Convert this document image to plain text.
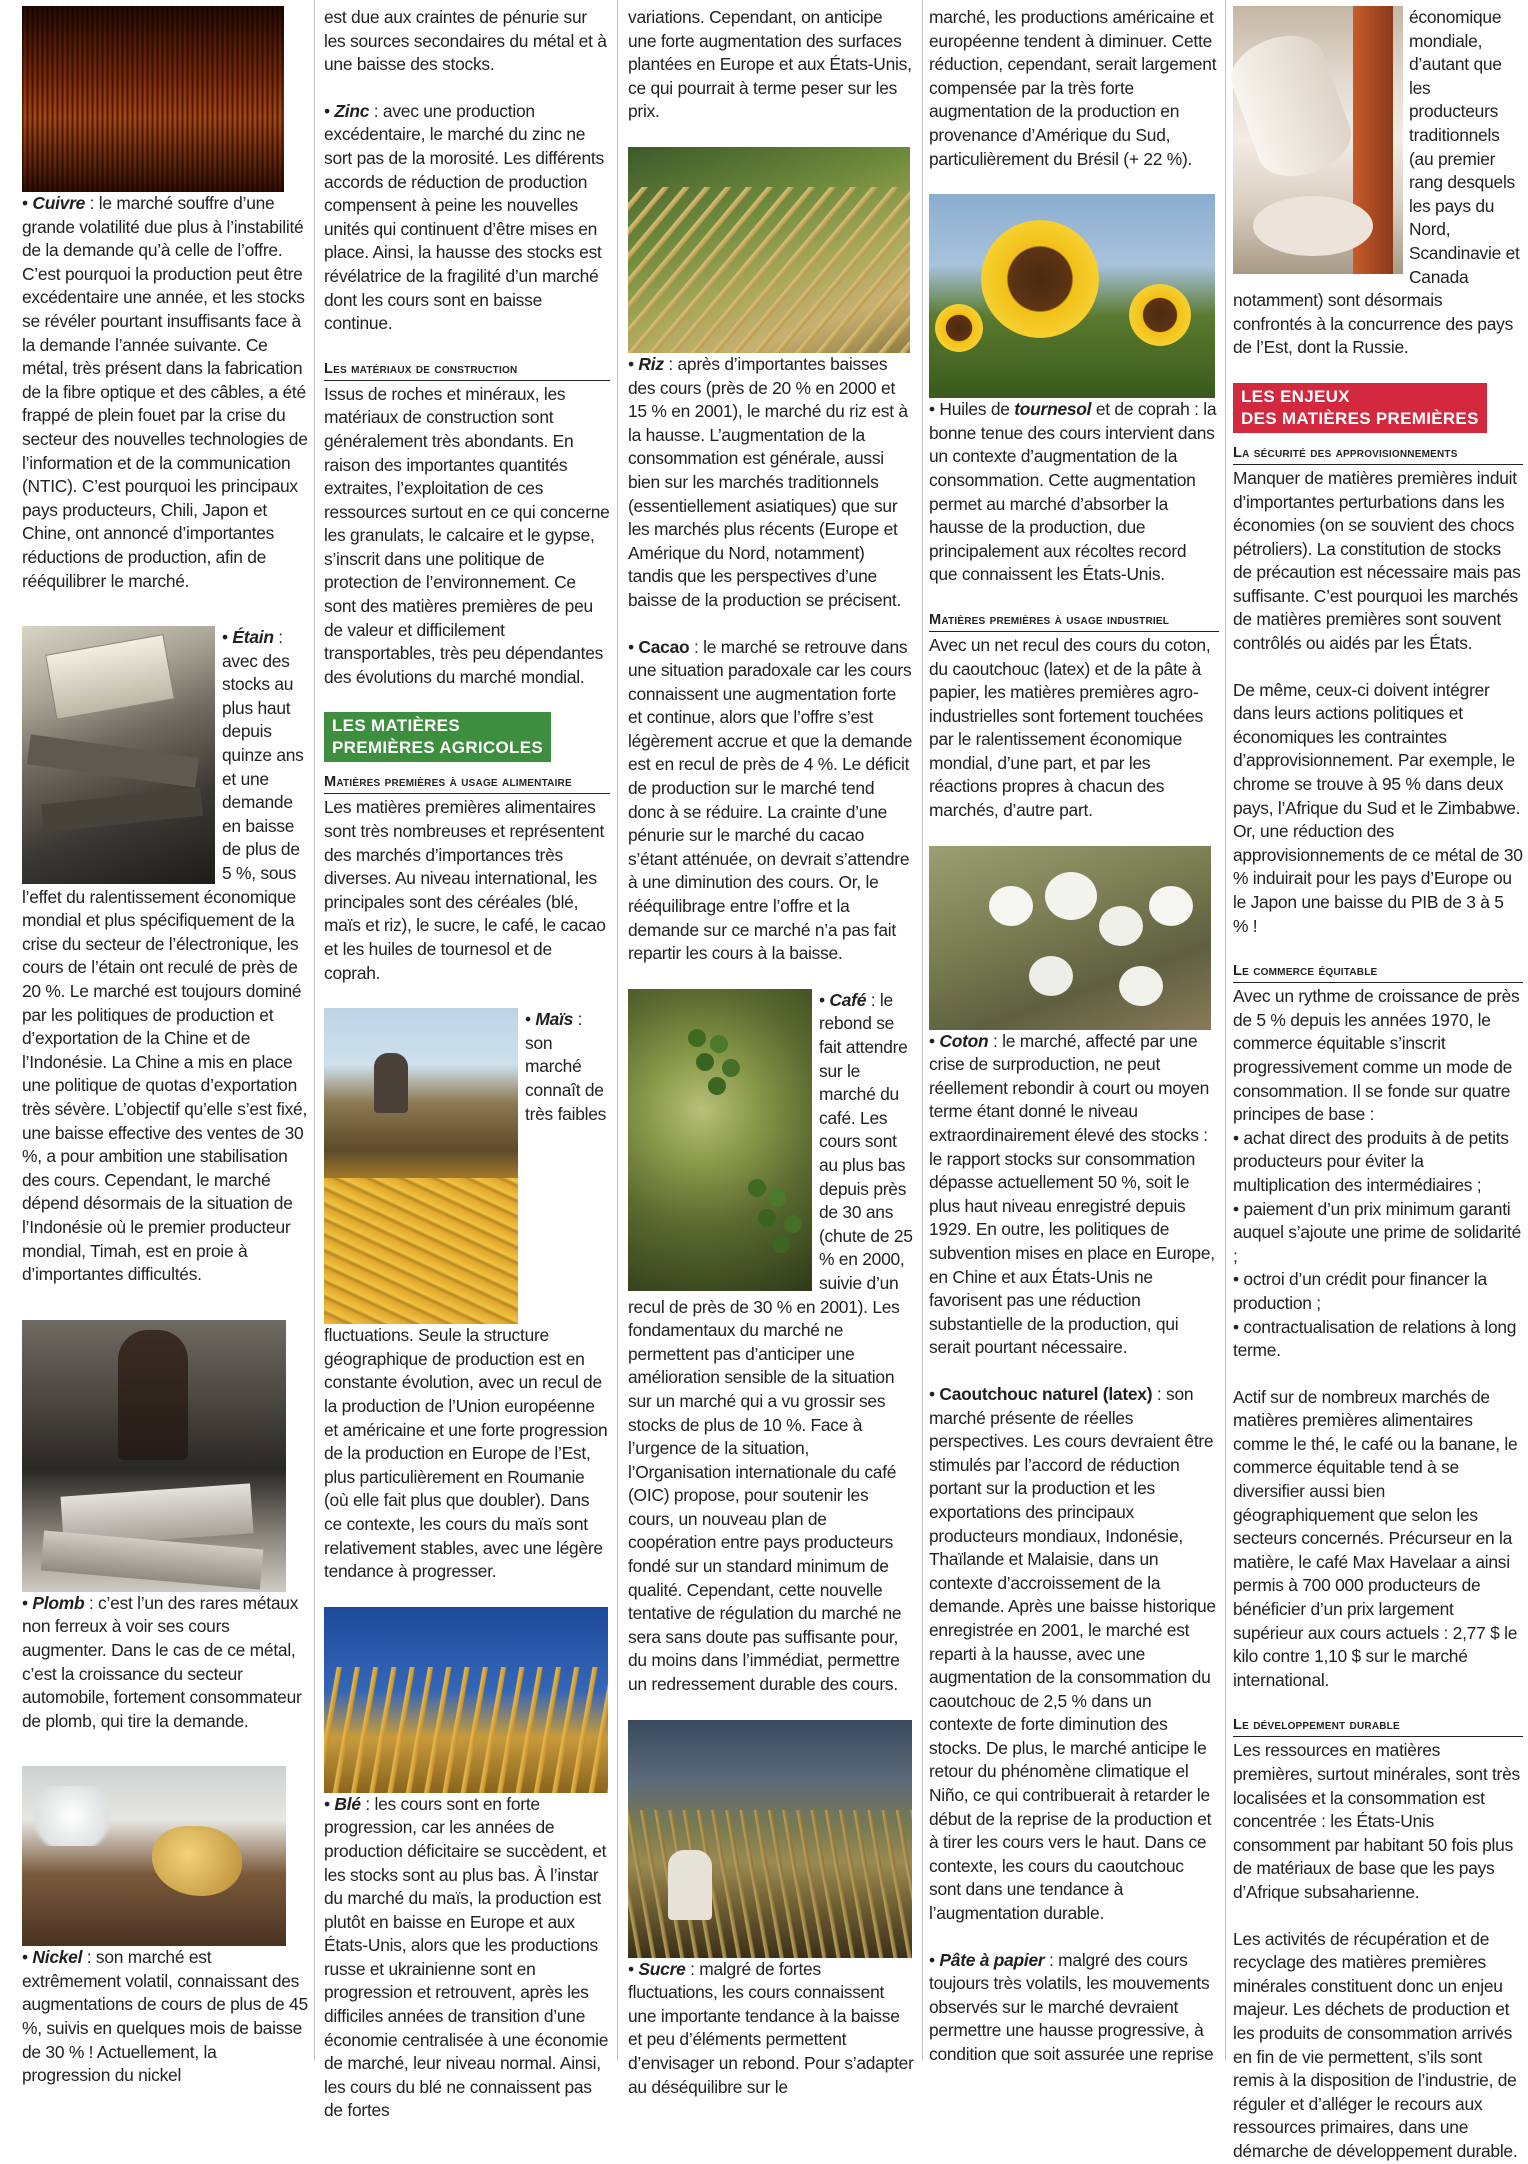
• Cuivre : le marché souffre d’une grande volatilité due plus à l’instabilité de la demande qu’à celle de l’offre. C’est pourquoi la production peut être excédentaire une année, et les stocks se révéler pourtant insuffisants face à la demande l’année suivante. Ce métal, très présent dans la fabrication de la fibre optique et des câbles, a été frappé de plein fouet par la crise du secteur des nouvelles technologies de l’information et de la communication (NTIC). C’est pourquoi les principaux pays producteurs, Chili, Japon et Chine, ont annoncé d’importantes réductions de production, afin de rééquilibrer le marché.

• Étain : avec des stocks au plus haut depuis quinze ans et une demande en baisse de plus de 5 %, sous l’effet du ralentissement économique mondial et plus spécifiquement de la crise du secteur de l’électronique, les cours de l’étain ont reculé de près de 20 %. Le marché est toujours dominé par les politiques de production et d’exportation de la Chine et de l’Indonésie. La Chine a mis en place une politique de quotas d’exportation très sévère. L’objectif qu’elle s’est fixé, une baisse effective des ventes de 30 %, a pour ambition une stabilisation des cours. Cependant, le marché dépend désormais de la situation de l’Indonésie où le premier producteur mondial, Timah, est en proie à d’importantes difficultés.

• Plomb : c’est l’un des rares métaux non ferreux à voir ses cours augmenter. Dans le cas de ce métal, c’est la croissance du secteur automobile, fortement consommateur de plomb, qui tire la demande.

• Nickel : son marché est extrêmement volatil, connaissant des augmentations de cours de plus de 45 %, suivis en quelques mois de baisse de 30 % ! Actuellement, la progression du nickel

est due aux craintes de pénurie sur les sources secondaires du métal et à une baisse des stocks.

• Zinc : avec une production excédentaire, le marché du zinc ne sort pas de la morosité. Les différents accords de réduction de production compensent à peine les nouvelles unités qui continuent d’être mises en place. Ainsi, la hausse des stocks est révélatrice de la fragilité d’un marché dont les cours sont en baisse continue.

Les matériaux de construction

Issus de roches et minéraux, les matériaux de construction sont généralement très abondants. En raison des importantes quantités extraites, l’exploitation de ces ressources surtout en ce qui concerne les granulats, le calcaire et le gypse, s’inscrit dans une politique de protection de l’environnement. Ce sont des matières premières de peu de valeur et difficilement transportables, très peu dépendantes des évolutions du marché mondial.

LES MATIÈRES
PREMIÈRES AGRICOLES
Matières premières à usage alimentaire

Les matières premières alimentaires sont très nombreuses et représentent des marchés d’importances très diverses. Au niveau international, les principales sont des céréales (blé, maïs et riz), le sucre, le café, le cacao et les huiles de tournesol et de coprah.

• Maïs : son marché connaît de très faibles fluctuations. Seule la structure géographique de production est en constante évolution, avec un recul de la production de l’Union européenne et américaine et une forte progression de la production en Europe de l’Est, plus particulièrement en Roumanie (où elle fait plus que doubler). Dans ce contexte, les cours du maïs sont relativement stables, avec une légère tendance à progresser.

• Blé : les cours sont en forte progression, car les années de production déficitaire se succèdent, et les stocks sont au plus bas. À l’instar du marché du maïs, la production est plutôt en baisse en Europe et aux États-Unis, alors que les productions russe et ukrainienne sont en progression et retrouvent, après les difficiles années de transition d’une économie centralisée à une économie de marché, leur niveau normal. Ainsi, les cours du blé ne connaissent pas de fortes

variations. Cependant, on anticipe une forte augmentation des surfaces plantées en Europe et aux États-Unis, ce qui pourrait à terme peser sur les prix.

• Riz : après d’importantes baisses des cours (près de 20 % en 2000 et 15 % en 2001), le marché du riz est à la hausse. L’augmentation de la consommation est générale, aussi bien sur les marchés traditionnels (essentiellement asiatiques) que sur les marchés plus récents (Europe et Amérique du Nord, notamment) tandis que les perspectives d’une baisse de la production se précisent.

• Cacao : le marché se retrouve dans une situation paradoxale car les cours connaissent une augmentation forte et continue, alors que l’offre s’est légèrement accrue et que la demande est en recul de près de 4 %. Le déficit de production sur le marché tend donc à se réduire. La crainte d’une pénurie sur le marché du cacao s’étant atténuée, on devrait s’attendre à une diminution des cours. Or, le rééquilibrage entre l’offre et la demande sur ce marché n’a pas fait repartir les cours à la baisse.

• Café : le rebond se fait attendre sur le marché du café. Les cours sont au plus bas depuis près de 30 ans (chute de 25 % en 2000, suivie d’un recul de près de 30 % en 2001). Les fondamentaux du marché ne permettent pas d’anticiper une amélioration sensible de la situation sur un marché qui a vu grossir ses stocks de plus de 10 %. Face à l’urgence de la situation, l’Organisation internationale du café (OIC) propose, pour soutenir les cours, un nouveau plan de coopération entre pays producteurs fondé sur un standard minimum de qualité. Cependant, cette nouvelle tentative de régulation du marché ne sera sans doute pas suffisante pour, du moins dans l’immédiat, permettre un redressement durable des cours.

• Sucre : malgré de fortes fluctuations, les cours connaissent une importante tendance à la baisse et peu d’éléments permettent d’envisager un rebond. Pour s’adapter au déséquilibre sur le

marché, les productions américaine et européenne tendent à diminuer. Cette réduction, cependant, serait largement compensée par la très forte augmentation de la production en provenance d’Amérique du Sud, particulièrement du Brésil (+ 22 %).

• Huiles de tournesol et de coprah : la bonne tenue des cours intervient dans un contexte d’augmentation de la consommation. Cette augmentation permet au marché d’absorber la hausse de la production, due principalement aux récoltes record que connaissent les États-Unis.

Matières premières à usage industriel

Avec un net recul des cours du coton, du caoutchouc (latex) et de la pâte à papier, les matières premières agro-industrielles sont fortement touchées par le ralentissement économique mondial, d’une part, et par les réactions propres à chacun des marchés, d’autre part.

• Coton : le marché, affecté par une crise de surproduction, ne peut réellement rebondir à court ou moyen terme étant donné le niveau extraordinairement élevé des stocks : le rapport stocks sur consommation dépasse actuellement 50 %, soit le plus haut niveau enregistré depuis 1929. En outre, les politiques de subvention mises en place en Europe, en Chine et aux États-Unis ne favorisent pas une réduction substantielle de la production, qui serait pourtant nécessaire.

• Caoutchouc naturel (latex) : son marché présente de réelles perspectives. Les cours devraient être stimulés par l’accord de réduction portant sur la production et les exportations des principaux producteurs mondiaux, Indonésie, Thaïlande et Malaisie, dans un contexte d’accroissement de la demande. Après une baisse historique enregistrée en 2001, le marché est reparti à la hausse, avec une augmentation de la consommation du caoutchouc de 2,5 % dans un contexte de forte diminution des stocks. De plus, le marché anticipe le retour du phénomène climatique el Niño, ce qui contribuerait à retarder le début de la reprise de la production et à tirer les cours vers le haut. Dans ce contexte, les cours du caoutchouc sont dans une tendance à l’augmentation durable.

• Pâte à papier : malgré des cours toujours très volatils, les mouvements observés sur le marché devraient permettre une hausse progressive, à condition que soit assurée une reprise

économique mondiale, d’autant que les producteurs traditionnels (au premier rang desquels les pays du Nord, Scandinavie et Canada

notamment) sont désormais confrontés à la concurrence des pays de l’Est, dont la Russie.

LES ENJEUX
DES MATIÈRES PREMIÈRES
La sécurité des approvisionnements

Manquer de matières premières induit d’importantes perturbations dans les économies (on se souvient des chocs pétroliers). La constitution de stocks de précaution est nécessaire mais pas suffisante. C’est pourquoi les marchés de matières premières sont souvent contrôlés ou aidés par les États.

De même, ceux-ci doivent intégrer dans leurs actions politiques et économiques les contraintes d’approvisionnement. Par exemple, le chrome se trouve à 95 % dans deux pays, l’Afrique du Sud et le Zimbabwe. Or, une réduction des approvisionnements de ce métal de 30 % induirait pour les pays d’Europe ou le Japon une baisse du PIB de 3 à 5 % !

Le commerce équitable

Avec un rythme de croissance de près de 5 % depuis les années 1970, le commerce équitable s’inscrit progressivement comme un mode de consommation. Il se fonde sur quatre principes de base :

• achat direct des produits à de petits producteurs pour éviter la multiplication des intermédiaires ;

• paiement d’un prix minimum garanti auquel s’ajoute une prime de solidarité ;

• octroi d’un crédit pour financer la production ;

• contractualisation de relations à long terme.

Actif sur de nombreux marchés de matières premières alimentaires comme le thé, le café ou la banane, le commerce équitable tend à se diversifier aussi bien géographiquement que selon les secteurs concernés. Précurseur en la matière, le café Max Havelaar a ainsi permis à 700 000 producteurs de bénéficier d’un prix largement supérieur aux cours actuels : 2,77 $ le kilo contre 1,10 $ sur le marché international.

Le développement durable

Les ressources en matières premières, surtout minérales, sont très localisées et la consommation est concentrée : les États-Unis consomment par habitant 50 fois plus de matériaux de base que les pays d’Afrique subsaharienne.

Les activités de récupération et de recyclage des matières premières minérales constituent donc un enjeu majeur. Les déchets de production et les produits de consommation arrivés en fin de vie permettent, s’ils sont remis à la disposition de l’industrie, de réguler et d’alléger le recours aux ressources primaires, dans une démarche de développement durable.
